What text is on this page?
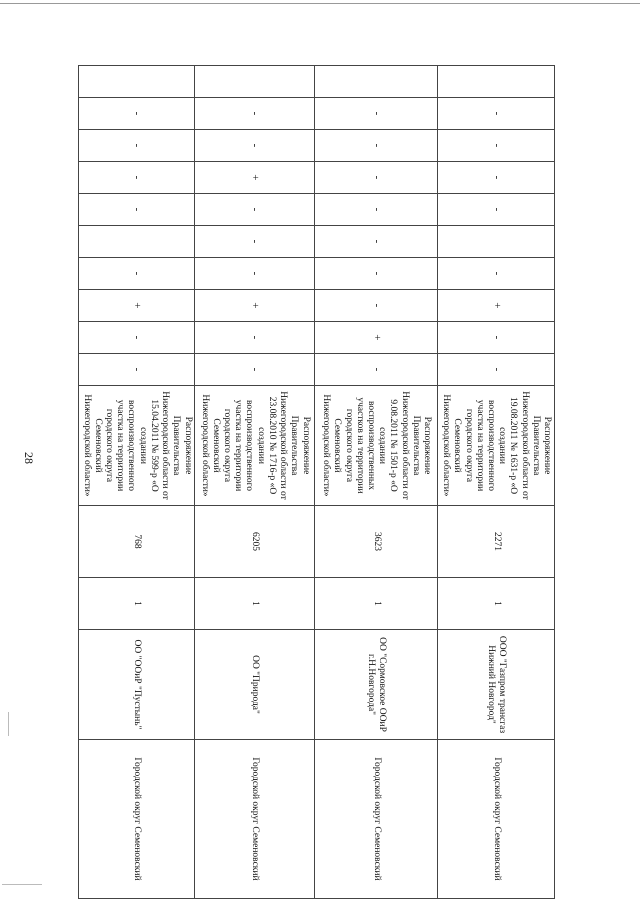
28
-
-
-
-
-
+
-
-
Распоряжение Правительства Нижегородской области от 19.08.2011 № 1631-р «О создании воспроизводственного участка на территории городского округа Семеновский Нижегородской области»
2271
1
ООО "Газпром трансгаз Нижний Новгород"
Городской округ Семеновский
-
-
-
-
-
-
-
+
-
Распоряжение Правительства Нижегородской области от 9.08.2011 № 1501-р «О создании воспроизводственных участков на территории городского округа Семеновский Нижегородской области»
3623
1
ОО "Сормовское ООиР г.Н.Новгорода"
Городской округ Семеновский
-
-
+
-
-
-
+
-
-
Распоряжение Правительства Нижегородской области от 23.08.2010 № 1716-р «О создании воспроизводственного участка на территории городского округа Семеновский Нижегородской области»
6205
1
ОО "Природа"
Городской округ Семеновский
-
-
-
-
-
+
-
-
Распоряжение Правительства Нижегородской области от 15.04.2011 № 599-р «О создании воспроизводственного участка на территории городского округа Семеновский Нижегородской области»
768
1
ОО "ООиР "Пустынь"
Городской округ Семеновский
